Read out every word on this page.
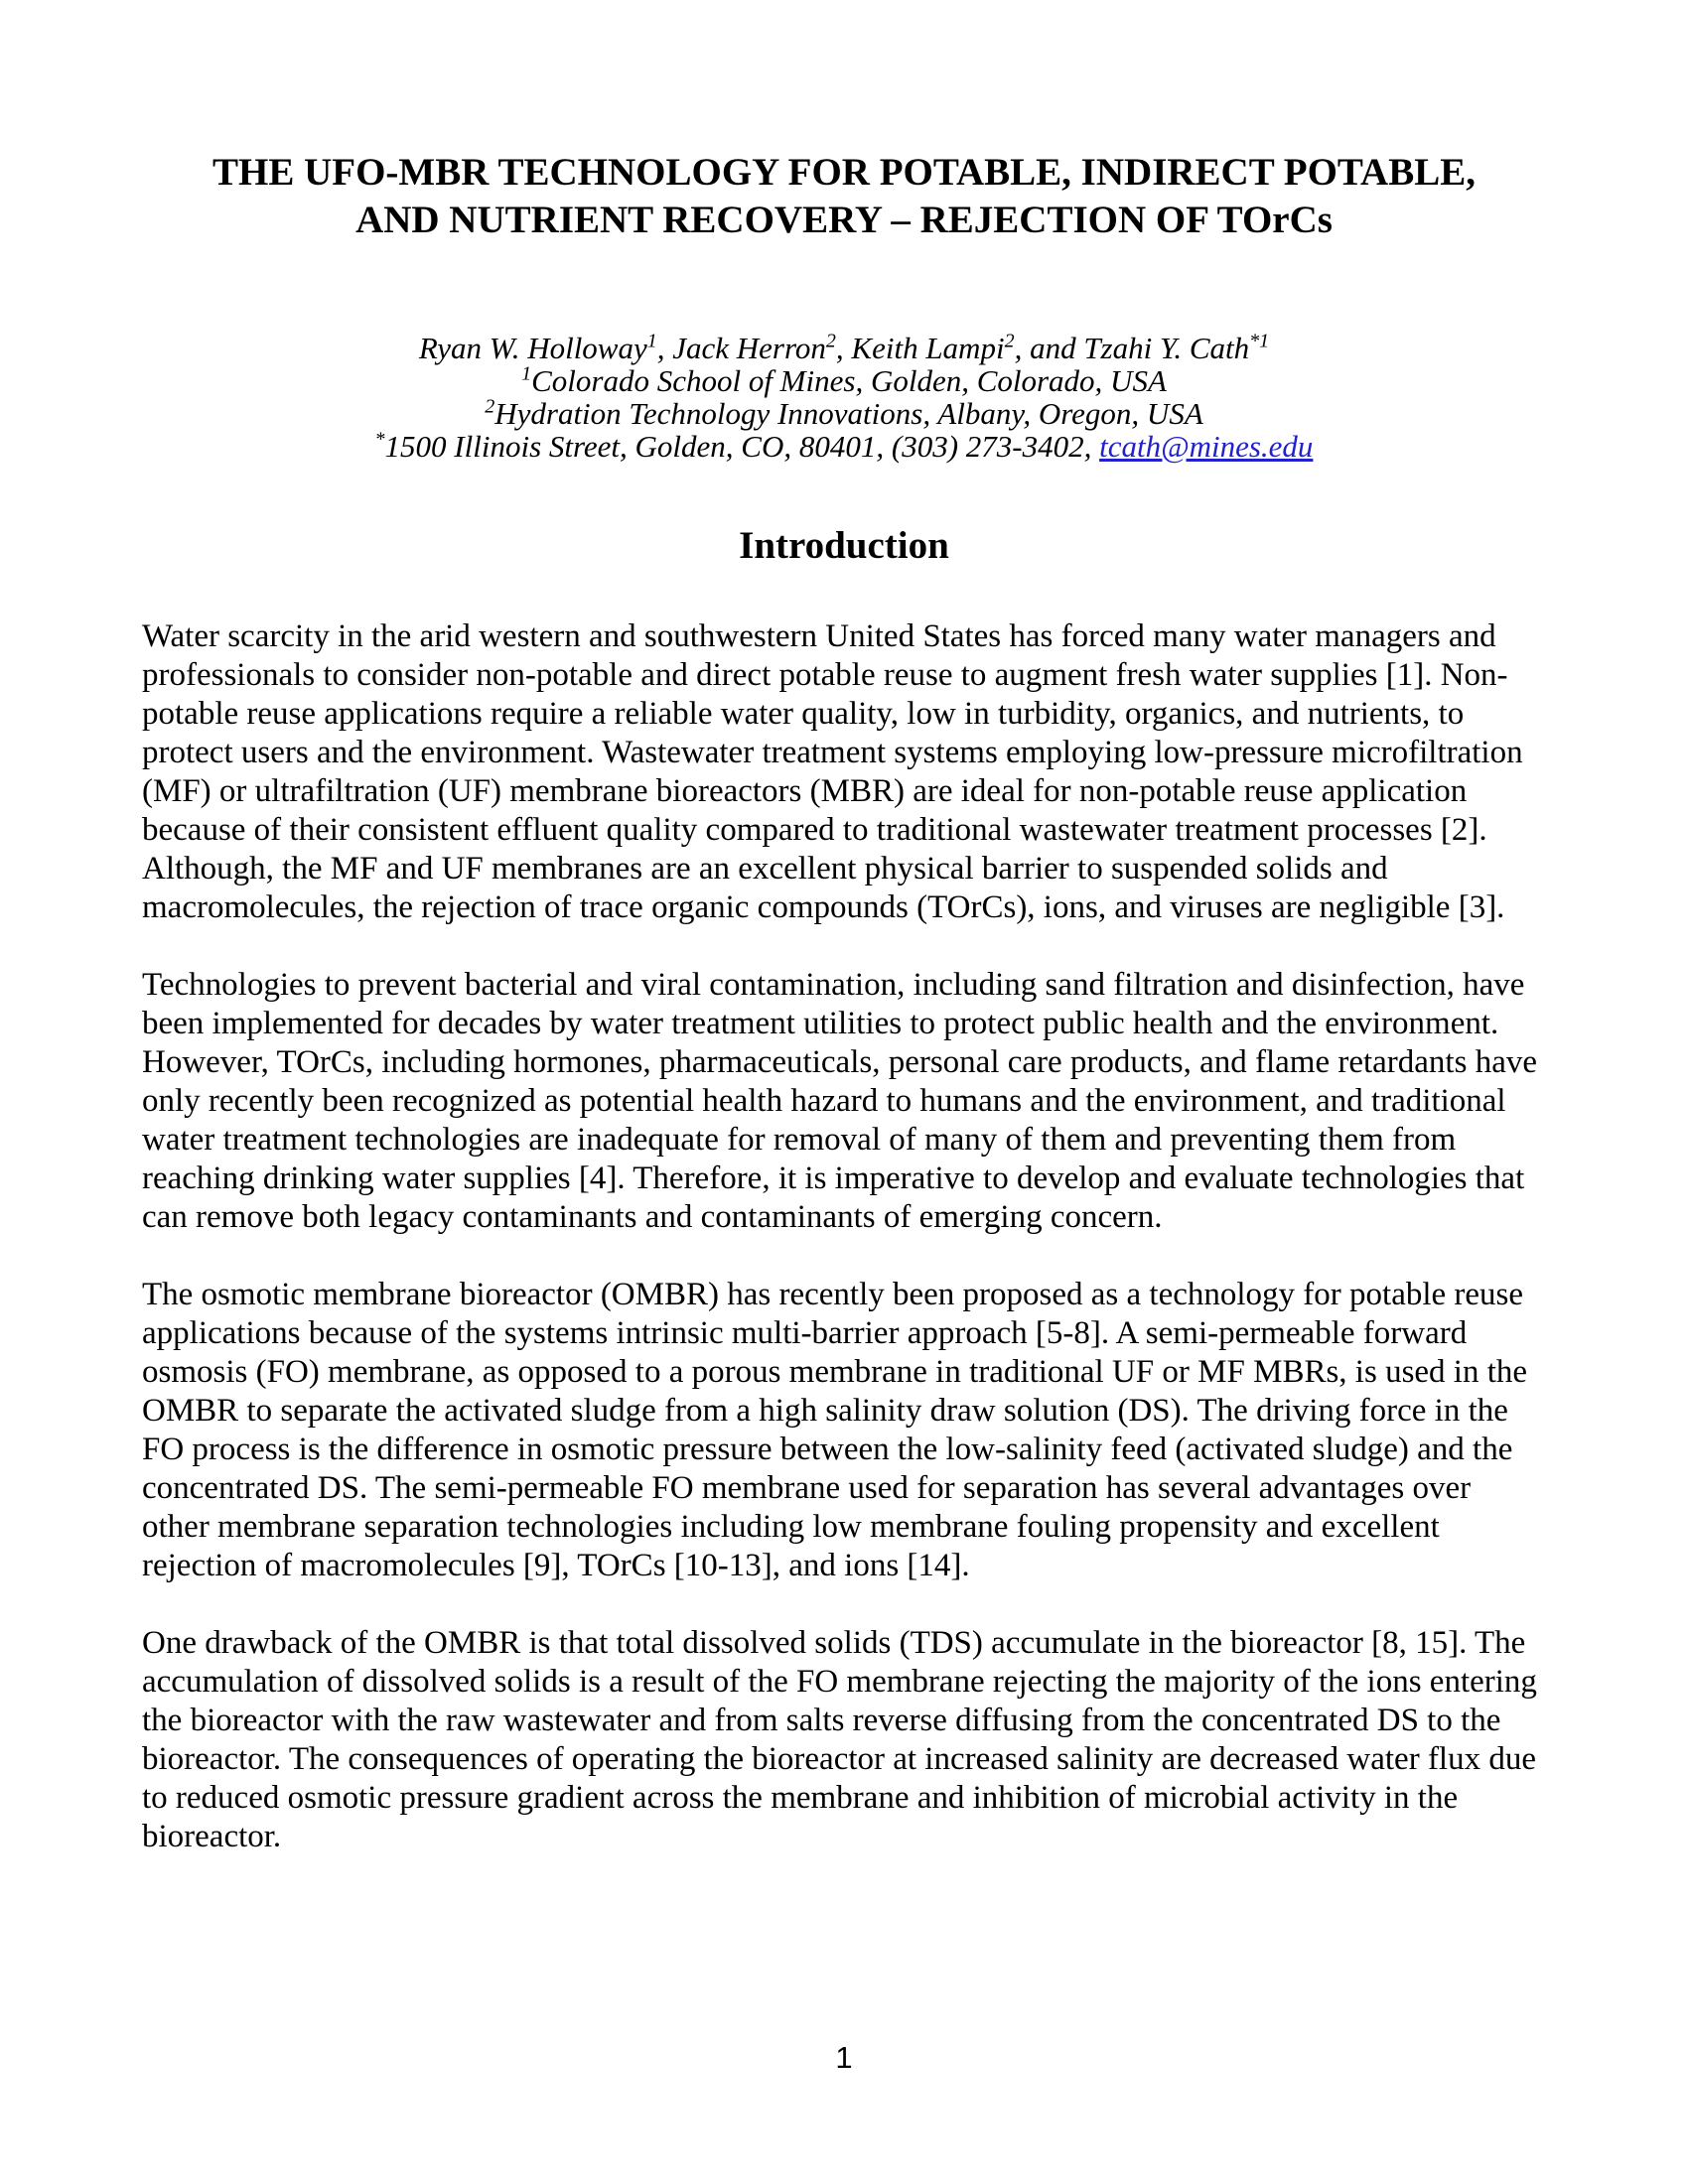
THE UFO-MBR TECHNOLOGY FOR POTABLE, INDIRECT POTABLE,
AND NUTRIENT RECOVERY – REJECTION OF TOrCs
Ryan W. Holloway$^1$, Jack Herron$^2$, Keith Lampi$^2$, and Tzahi Y. Cath$^{*1}$
$^1$Colorado School of Mines, Golden, Colorado, USA
$^2$Hydration Technology Innovations, Albany, Oregon, USA
*1500 Illinois Street, Golden, CO, 80401, (303) 273-3402, tcath@mines.edu
Introduction

Water scarcity in the arid western and southwestern United States has forced many water managers and professionals to consider non-potable and direct potable reuse to augment fresh water supplies [1]. Non-potable reuse applications require a reliable water quality, low in turbidity, organics, and nutrients, to protect users and the environment. Wastewater treatment systems employing low-pressure microfiltration (MF) or ultrafiltration (UF) membrane bioreactors (MBR) are ideal for non-potable reuse application because of their consistent effluent quality compared to traditional wastewater treatment processes [2]. Although, the MF and UF membranes are an excellent physical barrier to suspended solids and macromolecules, the rejection of trace organic compounds (TOrCs), ions, and viruses are negligible [3].

Technologies to prevent bacterial and viral contamination, including sand filtration and disinfection, have been implemented for decades by water treatment utilities to protect public health and the environment. However, TOrCs, including hormones, pharmaceuticals, personal care products, and flame retardants have only recently been recognized as potential health hazard to humans and the environment, and traditional water treatment technologies are inadequate for removal of many of them and preventing them from reaching drinking water supplies [4]. Therefore, it is imperative to develop and evaluate technologies that can remove both legacy contaminants and contaminants of emerging concern.

The osmotic membrane bioreactor (OMBR) has recently been proposed as a technology for potable reuse applications because of the systems intrinsic multi-barrier approach [5-8]. A semi-permeable forward osmosis (FO) membrane, as opposed to a porous membrane in traditional UF or MF MBRs, is used in the OMBR to separate the activated sludge from a high salinity draw solution (DS). The driving force in the FO process is the difference in osmotic pressure between the low-salinity feed (activated sludge) and the concentrated DS. The semi-permeable FO membrane used for separation has several advantages over other membrane separation technologies including low membrane fouling propensity and excellent rejection of macromolecules [9], TOrCs [10-13], and ions [14].

One drawback of the OMBR is that total dissolved solids (TDS) accumulate in the bioreactor [8, 15]. The accumulation of dissolved solids is a result of the FO membrane rejecting the majority of the ions entering the bioreactor with the raw wastewater and from salts reverse diffusing from the concentrated DS to the bioreactor. The consequences of operating the bioreactor at increased salinity are decreased water flux due to reduced osmotic pressure gradient across the membrane and inhibition of microbial activity in the bioreactor.

1
